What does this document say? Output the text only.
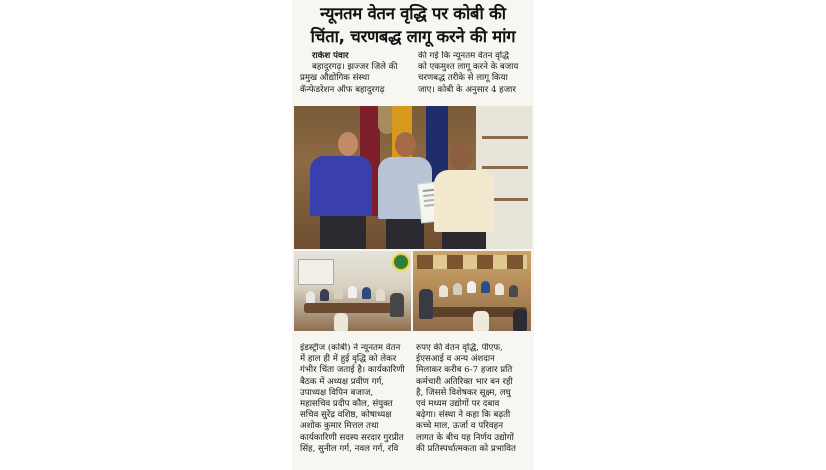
न्यूनतम वेतन वृद्धि पर कोबी की
चिंता, चरणबद्ध लागू करने की मांग

राकेश पंवार

बहादुरगढ़। झज्जर जिले की

प्रमुख औद्योगिक संस्था

कॅन्फेडरेशन ऑफ बहादुरगढ़

की गई कि न्यूनतम वेतन वृद्धि

को एकमुश्त लागू करने के बजाय

चरणबद्ध तरीके से लागू किया

जाए। कोबी के अनुसार 4 हजार

इंडस्ट्रीज (कोबी) ने न्यूनतम वेतन

में हाल ही में हुई वृद्धि को लेकर

गंभीर चिंता जताई है। कार्यकारिणी

बैठक में अध्यक्ष प्रवीण गर्ग,

उपाध्यक्ष विपिन बजाज,

महासचिव प्रदीप कौल, संयुक्त

सचिव सुरेंद्र वशिष्ठ, कोषाध्यक्ष

अशोक कुमार मित्तल तथा

कार्यकारिणी सदस्य सरदार गुरप्रीत

सिंह, सुनील गर्ग, नवल गर्ग, रवि

रुपए की वेतन वृद्धि, पीएफ,

ईएसआई व अन्य अंशदान

मिलाकर करीब 6-7 हजार प्रति

कर्मचारी अतिरिक्त भार बन रही

है, जिससे विशेषकर सूक्ष्म, लघु

एवं मध्यम उद्योगों पर दबाव

बढ़ेगा। संस्था ने कहा कि बढ़ती

कच्चे माल, ऊर्जा व परिवहन

लागत के बीच यह निर्णय उद्योगों

की प्रतिस्पर्धात्मकता को प्रभावित
